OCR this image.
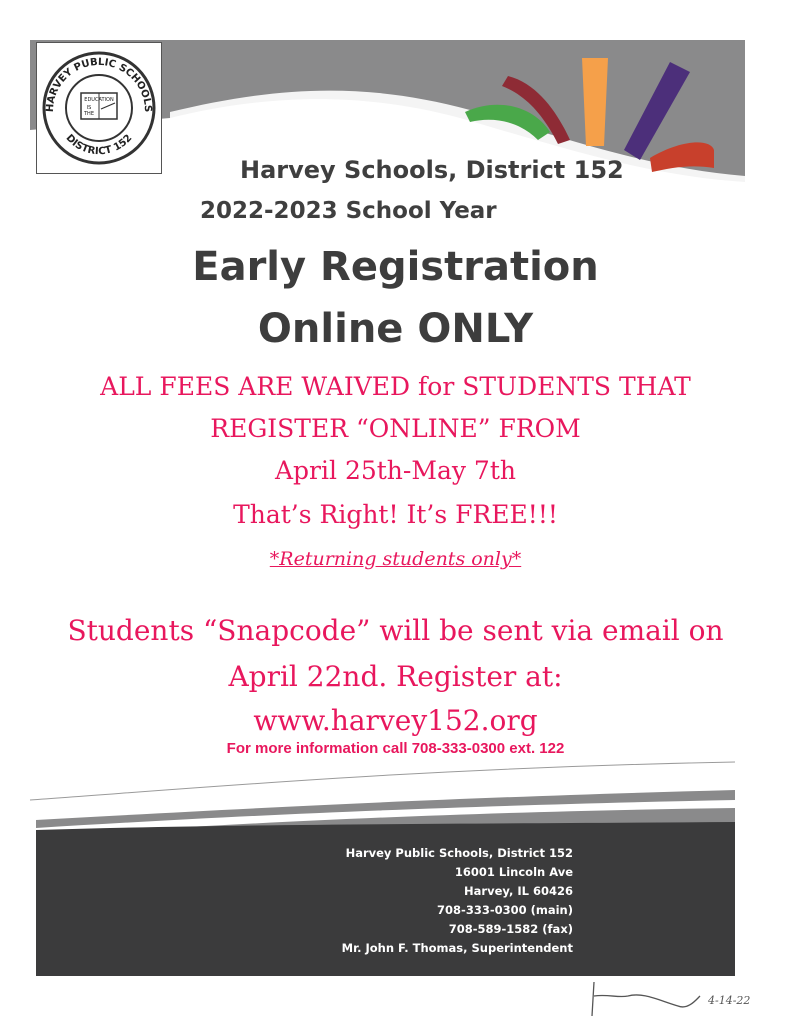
HARVEY PUBLIC SCHOOLS
DISTRICT 152
EDUCATION
IS
THE
Harvey Schools, District 152
2022-2023 School Year
Early Registration
Online ONLY
ALL FEES ARE WAIVED for STUDENTS THAT
REGISTER “ONLINE” FROM
April 25th-May 7th
That’s Right! It’s FREE!!!
*Returning students only*
Students “Snapcode” will be sent via email on
April 22nd. Register at:
www.harvey152.org
For more information call 708-333-0300 ext. 122
Harvey Public Schools, District 152
16001 Lincoln Ave
Harvey, IL 60426
708-333-0300 (main)
708-589-1582 (fax)
Mr. John F. Thomas, Superintendent
4-14-22
